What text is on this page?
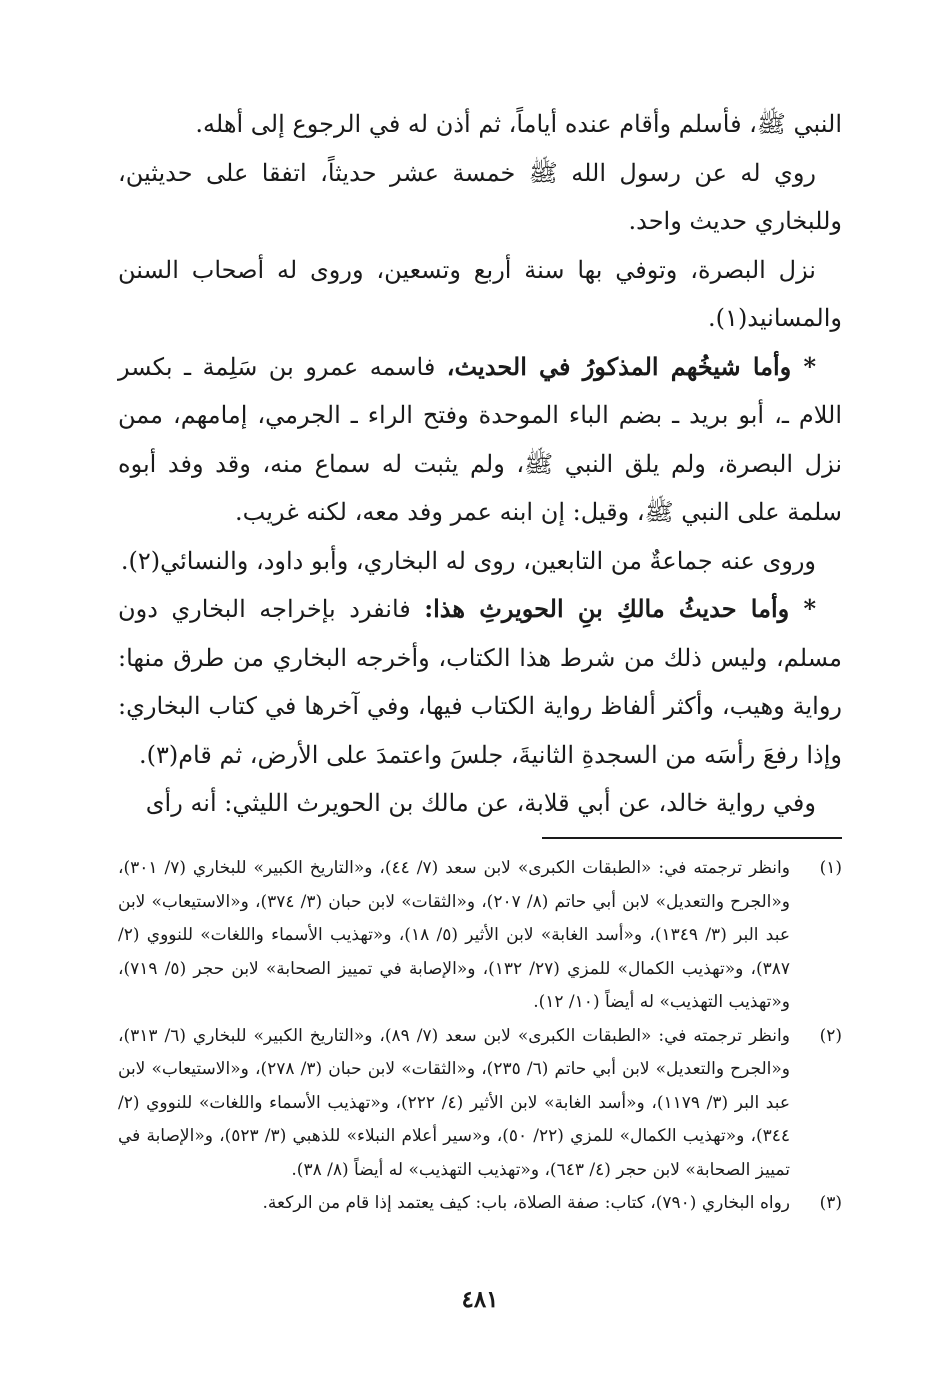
النبي ﷺ، فأسلم وأقام عنده أياماً، ثم أذن له في الرجوع إلى أهله.

روي له عن رسول الله ﷺ خمسة عشر حديثاً، اتفقا على حديثين، وللبخاري حديث واحد.

نزل البصرة، وتوفي بها سنة أربع وتسعين، وروى له أصحاب السنن والمسانيد(١).

* وأما شيخُهم المذكورُ في الحديث، فاسمه عمرو بن سَلِمة ـ بكسر اللام ـ، أبو بريد ـ بضم الباء الموحدة وفتح الراء ـ الجرمي، إمامهم، ممن نزل البصرة، ولم يلق النبي ﷺ، ولم يثبت له سماع منه، وقد وفد أبوه سلمة على النبي ﷺ، وقيل: إن ابنه عمر وفد معه، لكنه غريب.

وروى عنه جماعةٌ من التابعين، روى له البخاري، وأبو داود، والنسائي(٢).

* وأما حديثُ مالكِ بنِ الحويرثِ هذا: فانفرد بإخراجه البخاري دون مسلم، وليس ذلك من شرط هذا الكتاب، وأخرجه البخاري من طرق منها: رواية وهيب، وأكثر ألفاظ رواية الكتاب فيها، وفي آخرها في كتاب البخاري: وإذا رفعَ رأسَه من السجدةِ الثانيةَ، جلسَ واعتمدَ على الأرض، ثم قام(٣).

وفي رواية خالد، عن أبي قلابة، عن مالك بن الحويرث الليثي: أنه رأى

(١)
وانظر ترجمته في: «الطبقات الكبرى» لابن سعد (٧/ ٤٤)، و«التاريخ الكبير» للبخاري (٧/ ٣٠١)، و«الجرح والتعديل» لابن أبي حاتم (٨/ ٢٠٧)، و«الثقات» لابن حبان (٣/ ٣٧٤)، و«الاستيعاب» لابن عبد البر (٣/ ١٣٤٩)، و«أسد الغابة» لابن الأثير (٥/ ١٨)، و«تهذيب الأسماء واللغات» للنووي (٢/ ٣٨٧)، و«تهذيب الكمال» للمزي (٢٧/ ١٣٢)، و«الإصابة في تمييز الصحابة» لابن حجر (٥/ ٧١٩)، و«تهذيب التهذيب» له أيضاً (١٠/ ١٢).
(٢)
وانظر ترجمته في: «الطبقات الكبرى» لابن سعد (٧/ ٨٩)، و«التاريخ الكبير» للبخاري (٦/ ٣١٣)، و«الجرح والتعديل» لابن أبي حاتم (٦/ ٢٣٥)، و«الثقات» لابن حبان (٣/ ٢٧٨)، و«الاستيعاب» لابن عبد البر (٣/ ١١٧٩)، و«أسد الغابة» لابن الأثير (٤/ ٢٢٢)، و«تهذيب الأسماء واللغات» للنووي (٢/ ٣٤٤)، و«تهذيب الكمال» للمزي (٢٢/ ٥٠)، و«سير أعلام النبلاء» للذهبي (٣/ ٥٢٣)، و«الإصابة في تمييز الصحابة» لابن حجر (٤/ ٦٤٣)، و«تهذيب التهذيب» له أيضاً (٨/ ٣٨).
(٣)
رواه البخاري (٧٩٠)، كتاب: صفة الصلاة، باب: كيف يعتمد إذا قام من الركعة.
٤٨١
